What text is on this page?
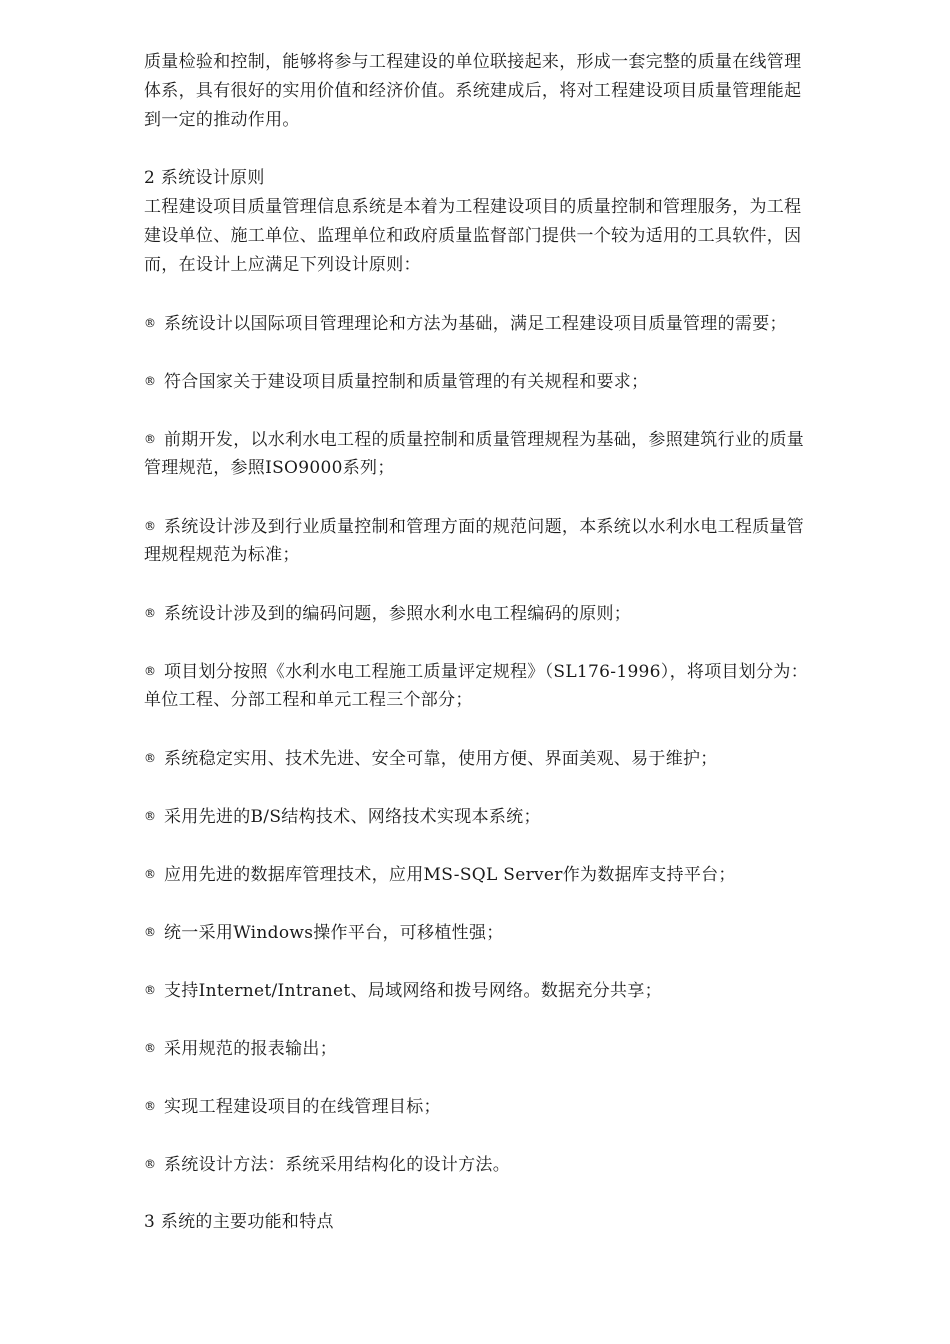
质量检验和控制，能够将参与工程建设的单位联接起来，形成一套完整的质量在线管理
体系，具有很好的实用价值和经济价值。系统建成后，将对工程建设项目质量管理能起
到一定的推动作用。
2 系统设计原则
工程建设项目质量管理信息系统是本着为工程建设项目的质量控制和管理服务，为工程
建设单位、施工单位、监理单位和政府质量监督部门提供一个较为适用的工具软件，因
而，在设计上应满足下列设计原则：
® 系统设计以国际项目管理理论和方法为基础，满足工程建设项目质量管理的需要；
® 符合国家关于建设项目质量控制和质量管理的有关规程和要求；
® 前期开发，以水利水电工程的质量控制和质量管理规程为基础，参照建筑行业的质量
管理规范，参照ISO9000系列；
® 系统设计涉及到行业质量控制和管理方面的规范问题，本系统以水利水电工程质量管
理规程规范为标准；
® 系统设计涉及到的编码问题，参照水利水电工程编码的原则；
® 项目划分按照《水利水电工程施工质量评定规程》（SL176-1996），将项目划分为：
单位工程、分部工程和单元工程三个部分；
® 系统稳定实用、技术先进、安全可靠，使用方便、界面美观、易于维护；
® 采用先进的B/S结构技术、网络技术实现本系统；
® 应用先进的数据库管理技术，应用MS-SQL Server作为数据库支持平台；
® 统一采用Windows操作平台，可移植性强；
® 支持Internet/Intranet、局域网络和拨号网络。数据充分共享；
® 采用规范的报表输出；
® 实现工程建设项目的在线管理目标；
® 系统设计方法：系统采用结构化的设计方法。
3 系统的主要功能和特点
